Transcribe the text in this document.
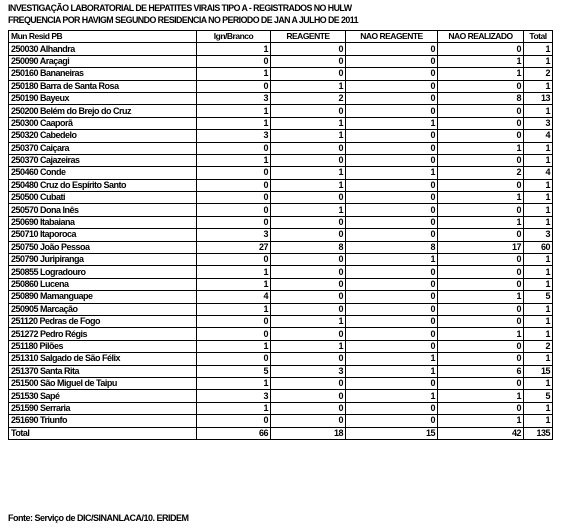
INVESTIGAÇÃO LABORATORIAL DE HEPATITES VIRAIS TIPO A - REGISTRADOS NO HULW
FREQUENCIA POR HAVIGM SEGUNDO RESIDENCIA NO PERIODO DE JAN A JULHO DE 2011
Mun Resid PB	Ign/Branco	REAGENTE	NAO REAGENTE	NAO REALIZADO	Total
250030 Alhandra	1	0	0	0	1
250090 Araçagi	0	0	0	1	1
250160 Bananeiras	1	0	0	1	2
250180 Barra de Santa Rosa	0	1	0	0	1
250190 Bayeux	3	2	0	8	13
250200 Belém do Brejo do Cruz	1	0	0	0	1
250300 Caaporã	1	1	1	0	3
250320 Cabedelo	3	1	0	0	4
250370 Caiçara	0	0	0	1	1
250370 Cajazeiras	1	0	0	0	1
250460 Conde	0	1	1	2	4
250480 Cruz do Espírito Santo	0	1	0	0	1
250500 Cubati	0	0	0	1	1
250570 Dona Inês	0	1	0	0	1
250690 Itabaiana	0	0	0	1	1
250710 Itaporoca	3	0	0	0	3
250750 João Pessoa	27	8	8	17	60
250790 Juripiranga	0	0	1	0	1
250855 Logradouro	1	0	0	0	1
250860 Lucena	1	0	0	0	1
250890 Mamanguape	4	0	0	1	5
250905 Marcação	1	0	0	0	1
251120 Pedras de Fogo	0	1	0	0	1
251272 Pedro Régis	0	0	0	1	1
251180 Pilões	1	1	0	0	2
251310 Salgado de São Félix	0	0	1	0	1
251370 Santa Rita	5	3	1	6	15
251500 São Miguel de Taipu	1	0	0	0	1
251530 Sapé	3	0	1	1	5
251590 Serraria	1	0	0	0	1
251690 Triunfo	0	0	0	1	1
Total	66	18	15	42	135
Fonte: Serviço de DIC/SINANLACA/10. ERIDEM
